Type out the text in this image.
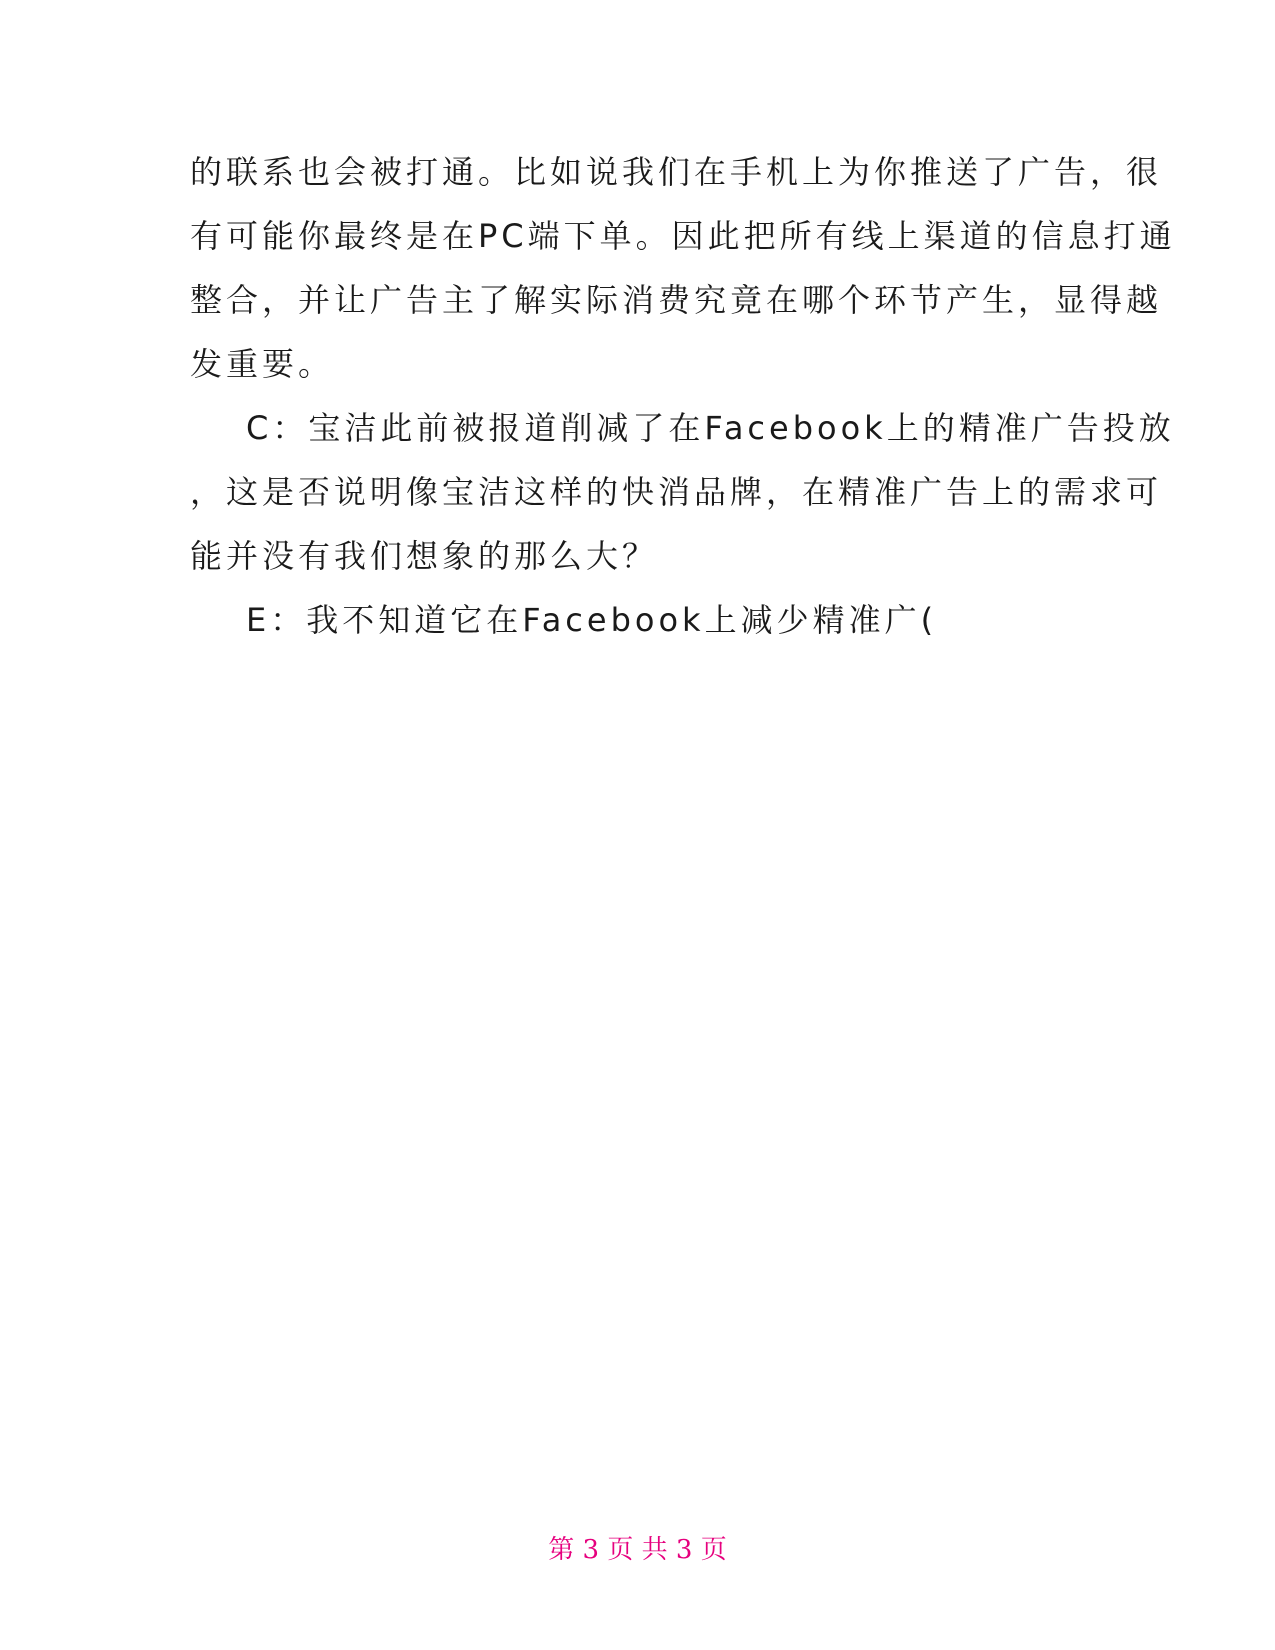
的联系也会被打通。比如说我们在手机上为你推送了广告，很
有可能你最终是在PC端下单。因此把所有线上渠道的信息打通
整合，并让广告主了解实际消费究竟在哪个环节产生，显得越
发重要。
C：宝洁此前被报道削减了在Facebook上的精准广告投放
，这是否说明像宝洁这样的快消品牌，在精准广告上的需求可
能并没有我们想象的那么大？
E：我不知道它在Facebook上减少精准广(
第 3 页 共 3 页
